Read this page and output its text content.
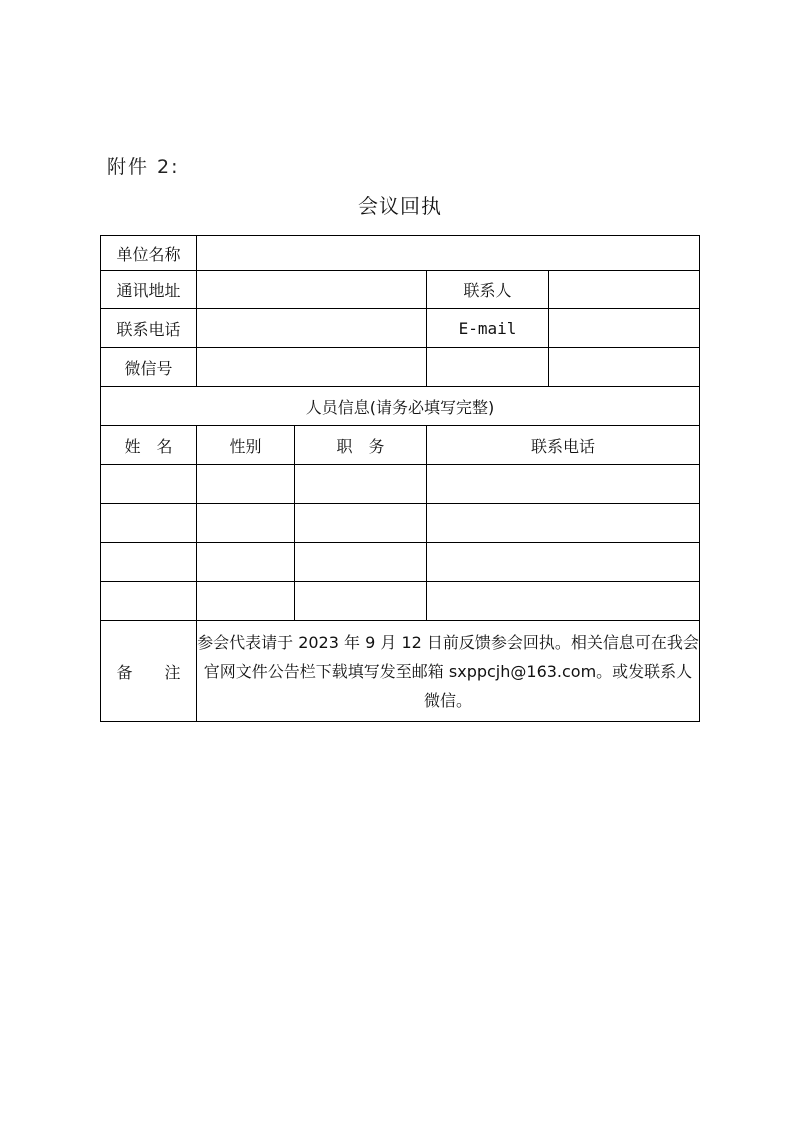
附件 2:
会议回执
单位名称				
通讯地址			联系人	
联系电话			E-mail	
微信号				
人员信息(请务必填写完整)				
姓　名	性别	职　务	联系电话	

备　　注	参会代表请于 2023 年 9 月 12 日前反馈参会回执。相关信息可在我会官网文件公告栏下载填写发至邮箱 sxppcjh@163.com。或发联系人微信。			
